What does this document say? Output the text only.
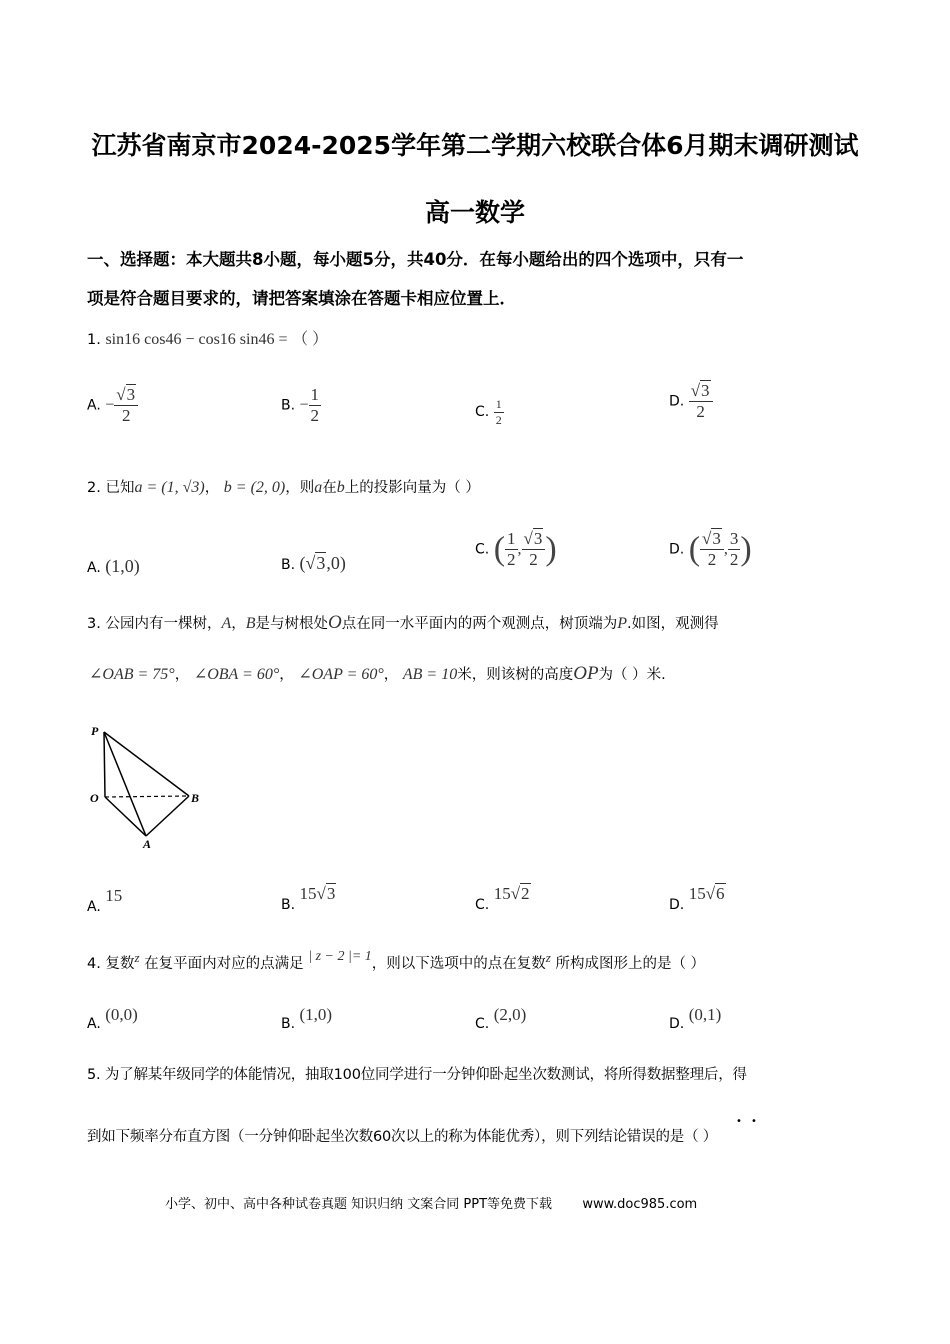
江苏省南京市2024-2025学年第二学期六校联合体6月期末调研测试
高一数学
一、选择题：本大题共8小题，每小题5分，共40分．在每小题给出的四个选项中，只有一
项是符合题目要求的，请把答案填涂在答题卡相应位置上．
1. sin16 cos46 − cos16 sin46 = （ ）
A. − $\frac{√3}{2}$	B. − $\frac{1}{2}$	C. $\frac{1}{2}$	D. $\frac{√3}{2}$
2. 已知a = (1, √3)， b = (2, 0)，则a在b上的投影向量为（ ）
A. (1,0)	B. (√3,0)
C. ( $\frac{1}{2}$ , $\frac{√3}{2}$ )	D. ( $\frac{√3}{2}$ , $\frac{3}{2}$ )
3. 公园内有一棵树，A，B是与树根处O点在同一水平面内的两个观测点，树顶端为P.如图，观测得
∠OAB = 75°， ∠OBA = 60°， ∠OAP = 60°， AB = 10米，则该树的高度OP为（ ）米.
P
O	B
A
A. 15	B. 15√3
C. 15√2
D. 15√6
4. 复数z 在复平面内对应的点满足 | z − 2 |= 1，则以下选项中的点在复数z 所构成图形上的是（ ）
A. (0,0)	B. (1,0)	C. (2,0)	D. (0,1)
5. 为了解某年级同学的体能情况，抽取100位同学进行一分钟仰卧起坐次数测试，将所得数据整理后，得
• •
到如下频率分布直方图（一分钟仰卧起坐次数60次以上的称为体能优秀），则下列结论错误的是（ ）
小学、初中、高中各种试卷真题 知识归纳 文案合同 PPT等免费下载 www.doc985.com
